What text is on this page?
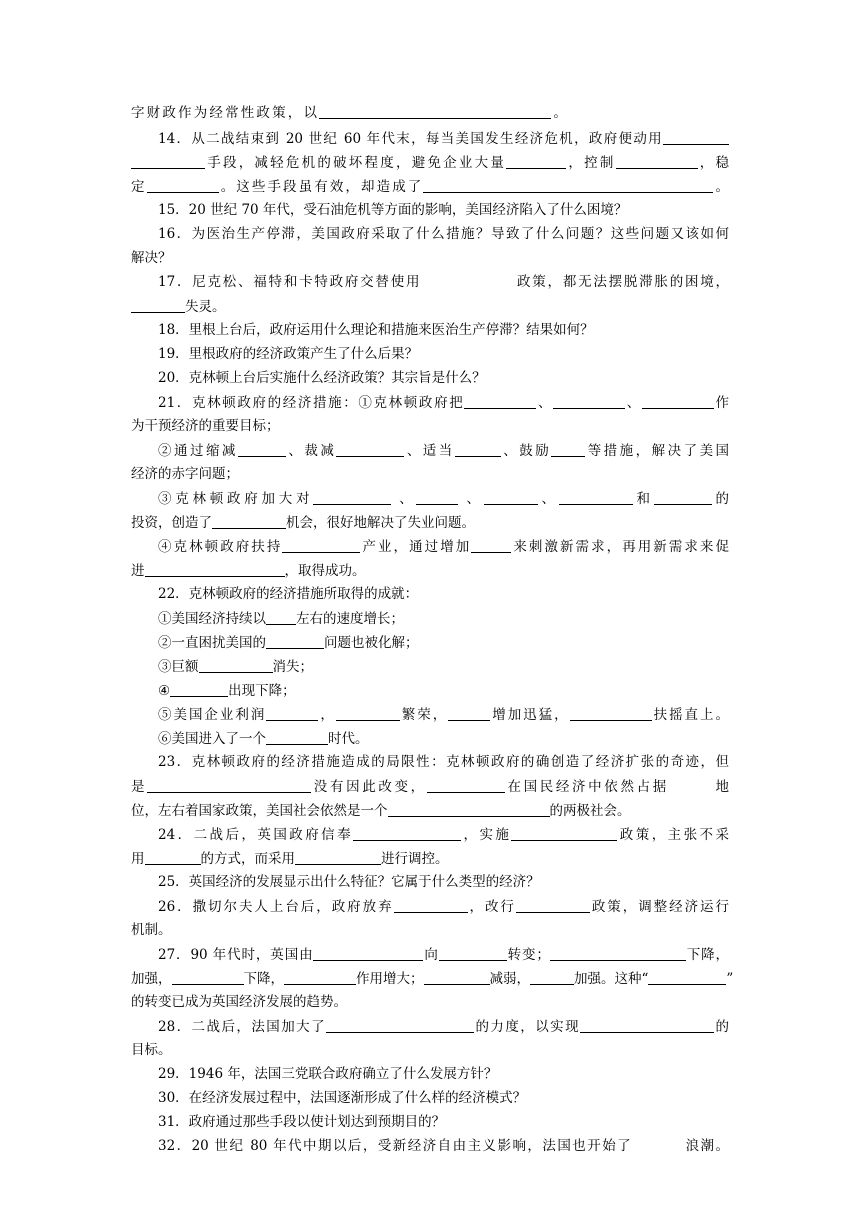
字财政作为经常性政策，以	。
14．从二战结束到 20 世纪 60 年代末，每当美国发生经济危机，政府便动用
手段，减轻危机的破坏程度，避免企业大量	，控制	，稳
定	。这些手段虽有效，却造成了	。
15．20 世纪 70 年代，受石油危机等方面的影响，美国经济陷入了什么困境？
16．为医治生产停滞，美国政府采取了什么措施？导致了什么问题？这些问题又该如何
解决？
17．尼克松、福特和卡特政府交替使用	政策，都无法摆脱滞胀的困境，
失灵。
18．里根上台后，政府运用什么理论和措施来医治生产停滞？结果如何？
19．里根政府的经济政策产生了什么后果？
20．克林顿上台后实施什么经济政策？其宗旨是什么？
21．克林顿政府的经济措施：①克林顿政府把	、	、	作
为干预经济的重要目标；
②通过缩减	、裁减	、适当	、鼓励	等措施，解决了美国
经济的赤字问题；
③克林顿政府加大对	、	、	、	和	的
投资，创造了	机会，很好地解决了失业问题。
④克林顿政府扶持	产业，通过增加	来刺激新需求，再用新需求来促
进	，取得成功。
22．克林顿政府的经济措施所取得的成就：
①美国经济持续以 左右的速度增长；
②一直困扰美国的	问题也被化解；
③巨额	消失；
④	出现下降；
⑤美国企业利润	，	繁荣，	增加迅猛，	扶摇直上。
⑥美国进入了一个	时代。
23．克林顿政府的经济措施造成的局限性：克林顿政府的确创造了经济扩张的奇迹，但
是	没有因此改变，	在国民经济中依然占据	地
位，左右着国家政策，美国社会依然是一个	的两极社会。
24．二战后，英国政府信奉	，实施	政策，主张不采
用	的方式，而采用	进行调控。
25．英国经济的发展显示出什么特征？它属于什么类型的经济？
26．撒切尔夫人上台后，政府放弃	，改行	政策，调整经济运行
机制。
27．90 年代时，英国由	向	转变；	下降，
加强，	下降，	作用增大；	减弱，	加强。这种“	”
的转变已成为英国经济发展的趋势。
28．二战后，法国加大了	的力度，以实现	的
目标。
29．1946 年，法国三党联合政府确立了什么发展方针？
30．在经济发展过程中，法国逐渐形成了什么样的经济模式？
31．政府通过那些手段以使计划达到预期目的？
32．20 世纪 80 年代中期以后，受新经济自由主义影响，法国也开始了	浪潮。
